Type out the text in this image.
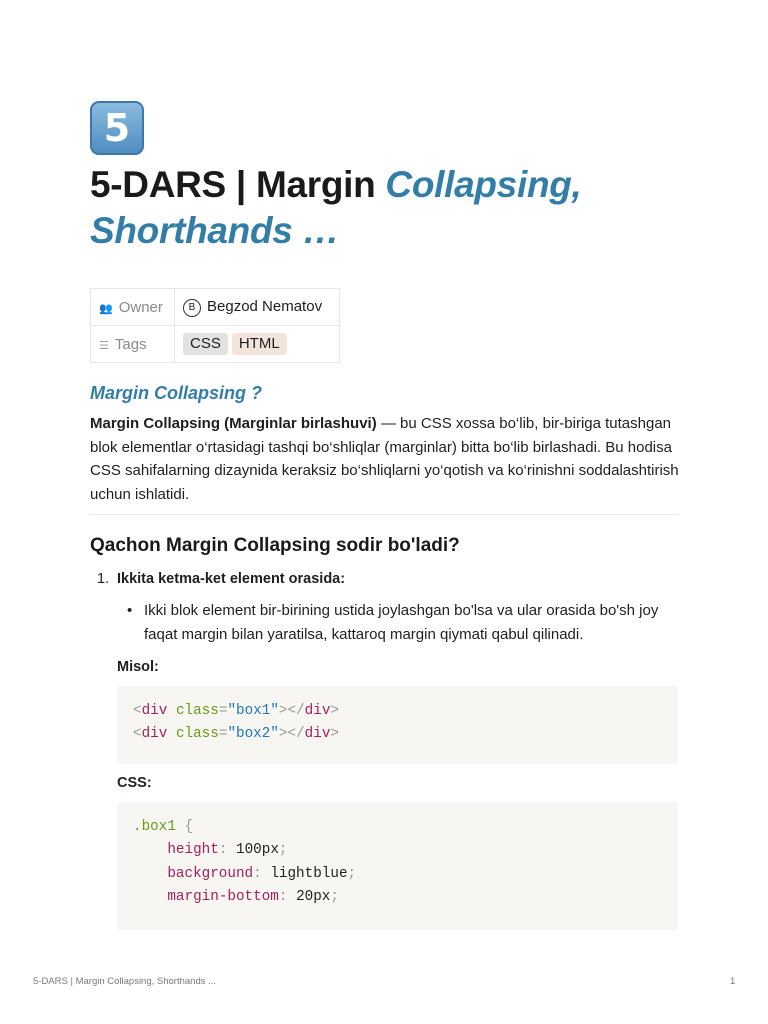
5
5-DARS | Margin Collapsing, Shorthands …
👥 Owner	B Begzod Nematov
☰ Tags	CSS HTML
Margin Collapsing ?

Margin Collapsing (Marginlar birlashuvi) — bu CSS xossa bo‘lib, bir-biriga tutashgan blok elementlar o‘rtasidagi tashqi bo‘shliqlar (marginlar) bitta bo‘lib birlashadi. Bu hodisa CSS sahifalarning dizaynida keraksiz bo‘shliqlarni yo‘qotish va ko‘rinishni soddalashtirish uchun ishlatidi.

Qachon Margin Collapsing sodir bo'ladi?
1. Ikkita ketma-ket element orasida:
• Ikki blok element bir-birining ustida joylashgan bo'lsa va ular orasida bo'sh joy faqat margin bilan yaratilsa, kattaroq margin qiymati qabul qilinadi.
Misol:
<div class="box1"></div>
<div class="box2"></div>
CSS:
.box1 {
height: 100px;
background: lightblue;
margin-bottom: 20px;
5-DARS | Margin Collapsing, Shorthands ...	1
